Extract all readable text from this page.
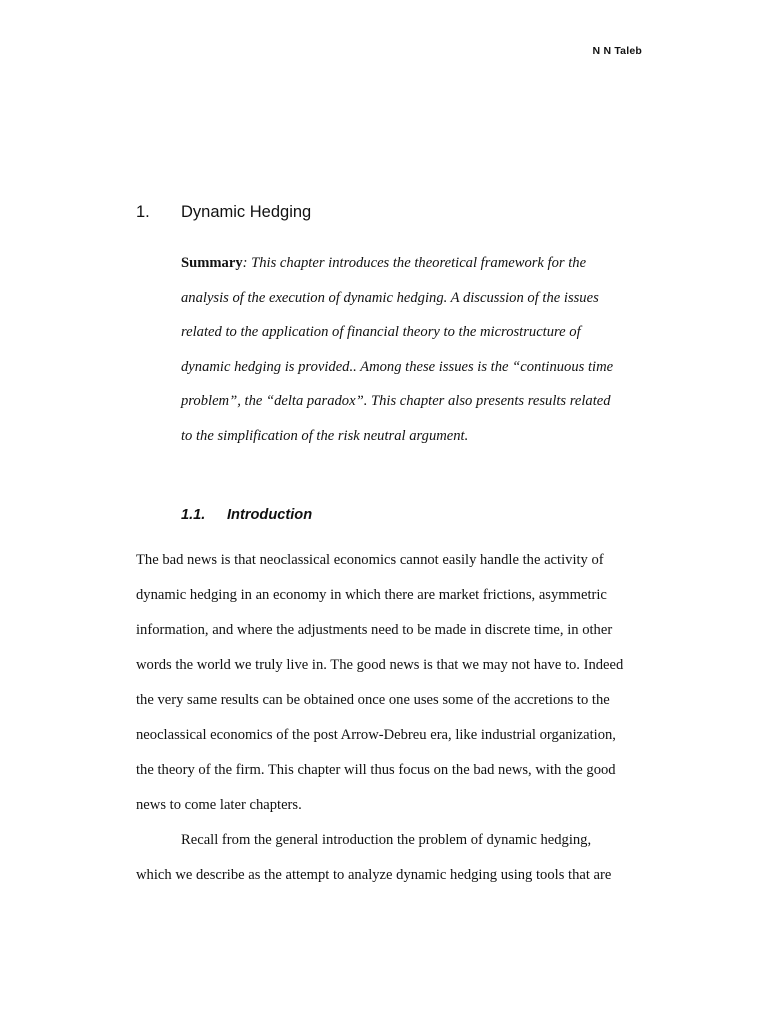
N N Taleb
1. Dynamic Hedging
Summary: This chapter introduces the theoretical framework for the
analysis of the execution of dynamic hedging. A discussion of the issues
related to the application of financial theory to the microstructure of
dynamic hedging is provided.. Among these issues is the “continuous time
problem”, the “delta paradox”. This chapter also presents results related
to the simplification of the risk neutral argument.
1.1. Introduction
The bad news is that neoclassical economics cannot easily handle the activity of
dynamic hedging in an economy in which there are market frictions, asymmetric
information, and where the adjustments need to be made in discrete time, in other
words the world we truly live in. The good news is that we may not have to. Indeed
the very same results can be obtained once one uses some of the accretions to the
neoclassical economics of the post Arrow-Debreu era, like industrial organization,
the theory of the firm. This chapter will thus focus on the bad news, with the good
news to come later chapters.
Recall from the general introduction the problem of dynamic hedging,
which we describe as the attempt to analyze dynamic hedging using tools that are
